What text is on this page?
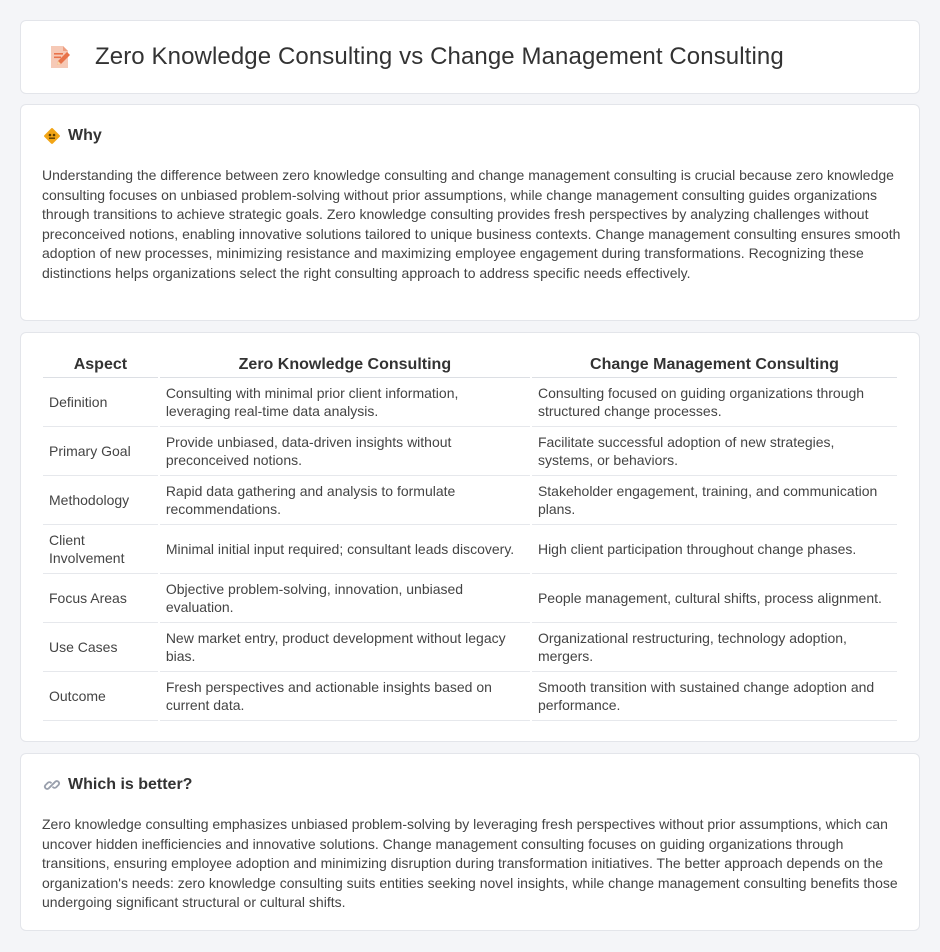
Zero Knowledge Consulting vs Change Management Consulting
Why

Understanding the difference between zero knowledge consulting and change management consulting is crucial because zero knowledge consulting focuses on unbiased problem-solving without prior assumptions, while change management consulting guides organizations through transitions to achieve strategic goals. Zero knowledge consulting provides fresh perspectives by analyzing challenges without preconceived notions, enabling innovative solutions tailored to unique business contexts. Change management consulting ensures smooth adoption of new processes, minimizing resistance and maximizing employee engagement during transformations. Recognizing these distinctions helps organizations select the right consulting approach to address specific needs effectively.

Aspect	Zero Knowledge Consulting	Change Management Consulting
Definition	Consulting with minimal prior client information, leveraging real-time data analysis.	Consulting focused on guiding organizations through structured change processes.
Primary Goal	Provide unbiased, data-driven insights without preconceived notions.	Facilitate successful adoption of new strategies, systems, or behaviors.
Methodology	Rapid data gathering and analysis to formulate recommendations.	Stakeholder engagement, training, and communication plans.
Client Involvement	Minimal initial input required; consultant leads discovery.	High client participation throughout change phases.
Focus Areas	Objective problem-solving, innovation, unbiased evaluation.	People management, cultural shifts, process alignment.
Use Cases	New market entry, product development without legacy bias.	Organizational restructuring, technology adoption, mergers.
Outcome	Fresh perspectives and actionable insights based on current data.	Smooth transition with sustained change adoption and performance.
Which is better?

Zero knowledge consulting emphasizes unbiased problem-solving by leveraging fresh perspectives without prior assumptions, which can uncover hidden inefficiencies and innovative solutions. Change management consulting focuses on guiding organizations through transitions, ensuring employee adoption and minimizing disruption during transformation initiatives. The better approach depends on the organization's needs: zero knowledge consulting suits entities seeking novel insights, while change management consulting benefits those undergoing significant structural or cultural shifts.
